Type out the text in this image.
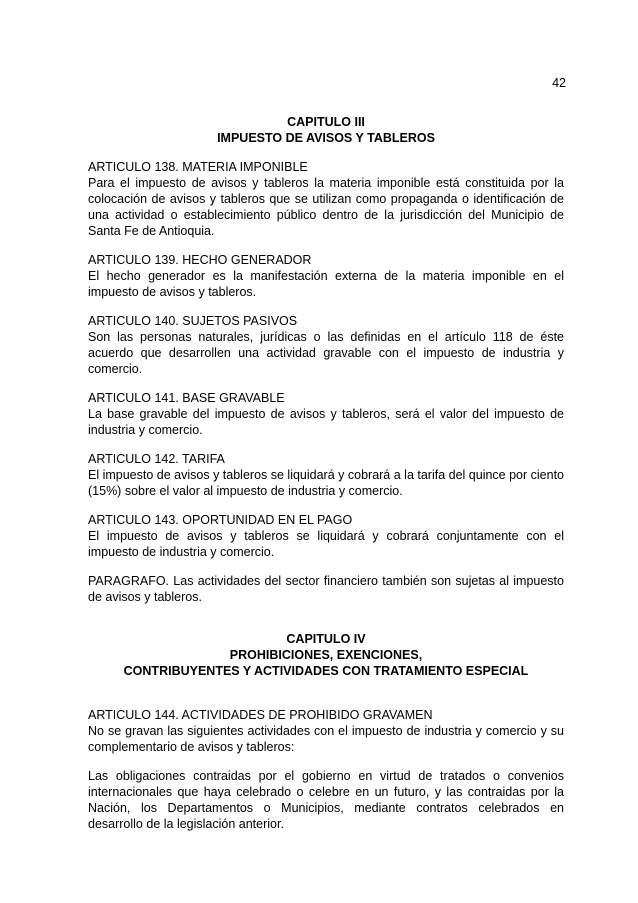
42
CAPITULO III
IMPUESTO DE AVISOS Y TABLEROS
ARTICULO 138. MATERIA IMPONIBLE

Para el impuesto de avisos y tableros la materia imponible está constituida por la colocación de avisos y tableros que se utilizan como propaganda o identificación de una actividad o establecimiento público dentro de la jurisdicción del Municipio de Santa Fe de Antioquia.

ARTICULO 139. HECHO GENERADOR

El hecho generador es la manifestación externa de la materia imponible en el impuesto de avisos y tableros.

ARTICULO 140. SUJETOS PASIVOS

Son las personas naturales, jurídicas o las definidas en el artículo 118 de éste acuerdo que desarrollen una actividad gravable con el impuesto de industria y comercio.

ARTICULO 141. BASE GRAVABLE

La base gravable del impuesto de avisos y tableros, será el valor del impuesto de industria y comercio.

ARTICULO 142. TARIFA

El impuesto de avisos y tableros se liquidará y cobrará a la tarifa del quince por ciento (15%) sobre el valor al impuesto de industria y comercio.

ARTICULO 143. OPORTUNIDAD EN EL PAGO

El impuesto de avisos y tableros se liquidará y cobrará conjuntamente con el impuesto de industria y comercio.

PARAGRAFO. Las actividades del sector financiero también son sujetas al impuesto de avisos y tableros.

CAPITULO IV
PROHIBICIONES, EXENCIONES,
CONTRIBUYENTES Y ACTIVIDADES CON TRATAMIENTO ESPECIAL
ARTICULO 144. ACTIVIDADES DE PROHIBIDO GRAVAMEN

No se gravan las siguientes actividades con el impuesto de industria y comercio y su complementario de avisos y tableros:

Las obligaciones contraidas por el gobierno en virtud de tratados o convenios internacionales que haya celebrado o celebre en un futuro, y las contraidas por la Nación, los Departamentos o Municipios, mediante contratos celebrados en desarrollo de la legislación anterior.
